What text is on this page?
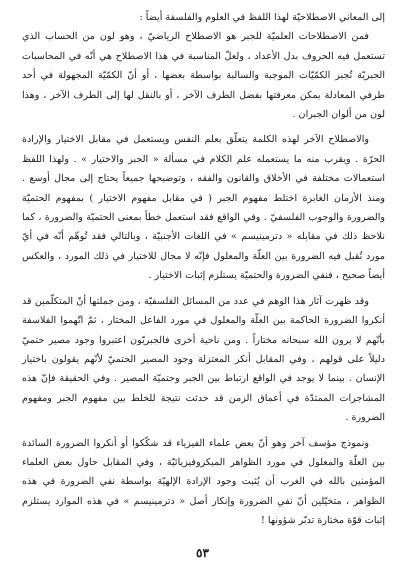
إلى المعاني الاصطلاحيّة لهذا اللفظ في العلوم والفلسفة أيضاً :

فمن الاصطلاحات العلميّة للجبر هو الاصطلاح الرياضيّ ، وهو لون من الحساب الذي تستعمل فيه الحروف بدل الأعداد ، ولعلّ المناسبة في هذا الاصطلاح هي أنّه في المحاسبات الجبريّة تُجبر الكمّيّات الموجبة والسالبة بواسطة بعضها ، أو أنّ الكمّيّة المجهولة في أحد طرفي المعادلة يمكن معرفتها بفضل الطرف الآخر ، أو بالنقل لها إلى الطرف الآخر ، وهذا لون من ألوان الجبران .

والاصطلاح الآخر لهذه الكلمة يتعلّق بعلم النفس ويستعمل في مقابل الاختيار والإرادة الحرّة . ويقرب منه ما يستعمله علم الكلام في مسألة « الجبر والاختيار » . ولهذا اللفظ استعمالات مختلفة في الأخلاق والقانون والفقه ، وتوضيحها جميعاً يحتاج إلى مجال أوسع . ومنذ الأزمان الغابرة اختلط مفهوم الجبر ( في مقابل مفهوم الاختيار ) بمفهوم الحتميّة والضرورة والوجوب الفلسفيّ . وفي الواقع فقد استعمل خطأ بمعنى الحتميّة والضرورة ، كما نلاحظ ذلك في مقابله « دترمينيسم » في اللغات الأجنبيّة ، وبالتالي فقد تُوهّم أنّه في أيّ مورد تُقبل فيه الضرورة بين العلّة والمعلول فإنّه لا مجال للاختيار في ذلك المورد ، والعكس أيضاً صحيح ، فنفي الضرورة والحتميّة يستلزم إثبات الاختيار .

وقد ظهرت آثار هذا الوهم في عدد من المسائل الفلسفيّة ، ومن جملتها أنّ المتكلّمين قد أنكروا الضرورة الحاكمة بين العلّة والمعلول في مورد الفاعل المختار ، ثمّ اتّهموا الفلاسفة بأنّهم لا يرون الله سبحانه مختاراً . ومن ناحية أخرى فالجبريّون اعتبروا وجود مصير حتميّ دليلاً على قولهم ، وفي المقابل أنكر المعتزلة وجود المصير الحتميّ لأنّهم يقولون باختيار الإنسان . بينما لا يوجد في الواقع ارتباط بين الجبر وحتميّة المصير . وفي الحقيقة فإنّ هذه المشاجرات الممتدّة في أعماق الزمن قد حدثت نتيجة للخلط بين مفهوم الجبر ومفهوم الضرورة .

ونموذج مؤسف آخر وهو أنّ بعض علماء الفيزياء قد شكّكوا أو أنكروا الضرورة السائدة بين العلّة والمعلول في مورد الظواهر الميكروفيزيائيّة ، وفي المقابل حاول بعض العلماء المؤمنين بالله في الغرب أن يُثبت وجود الإرادة الإلهيّة بواسطة نفي الضرورة في هذه الظواهر ، متخيّلين أنّ نفي الضرورة وإنكار أصل « دترمينيسم » في هذه الموارد يستلزم إثبات قوّة مختارة تدبّر شؤونها !

٥٣
